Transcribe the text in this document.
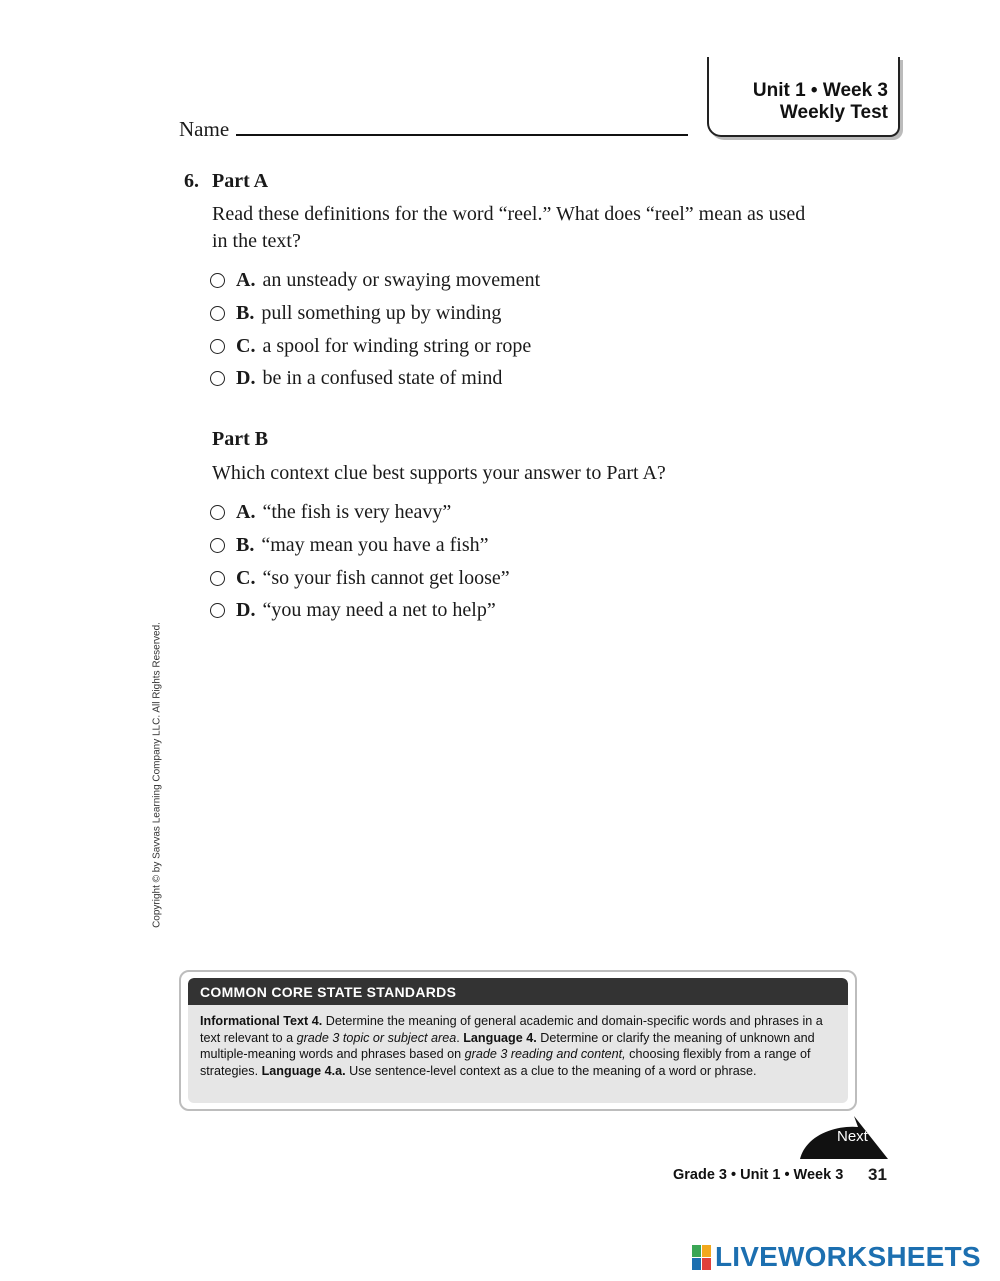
Unit 1 • Week 3
Weekly Test
Name
6. Part A
Read these definitions for the word “reel.” What does “reel” mean as used in the text?
A. an unsteady or swaying movement
B. pull something up by winding
C. a spool for winding string or rope
D. be in a confused state of mind
Part B
Which context clue best supports your answer to Part A?
A. “the fish is very heavy”
B. “may mean you have a fish”
C. “so your fish cannot get loose”
D. “you may need a net to help”
Copyright © by Savvas Learning Company LLC. All Rights Reserved.
COMMON CORE STATE STANDARDS
Informational Text 4. Determine the meaning of general academic and domain-specific words and phrases in a text relevant to a grade 3 topic or subject area. Language 4. Determine or clarify the meaning of unknown and multiple-meaning words and phrases based on grade 3 reading and content, choosing flexibly from a range of strategies. Language 4.a. Use sentence-level context as a clue to the meaning of a word or phrase.
Next
Grade 3 • Unit 1 • Week 3 31
LIVEWORKSHEETS
